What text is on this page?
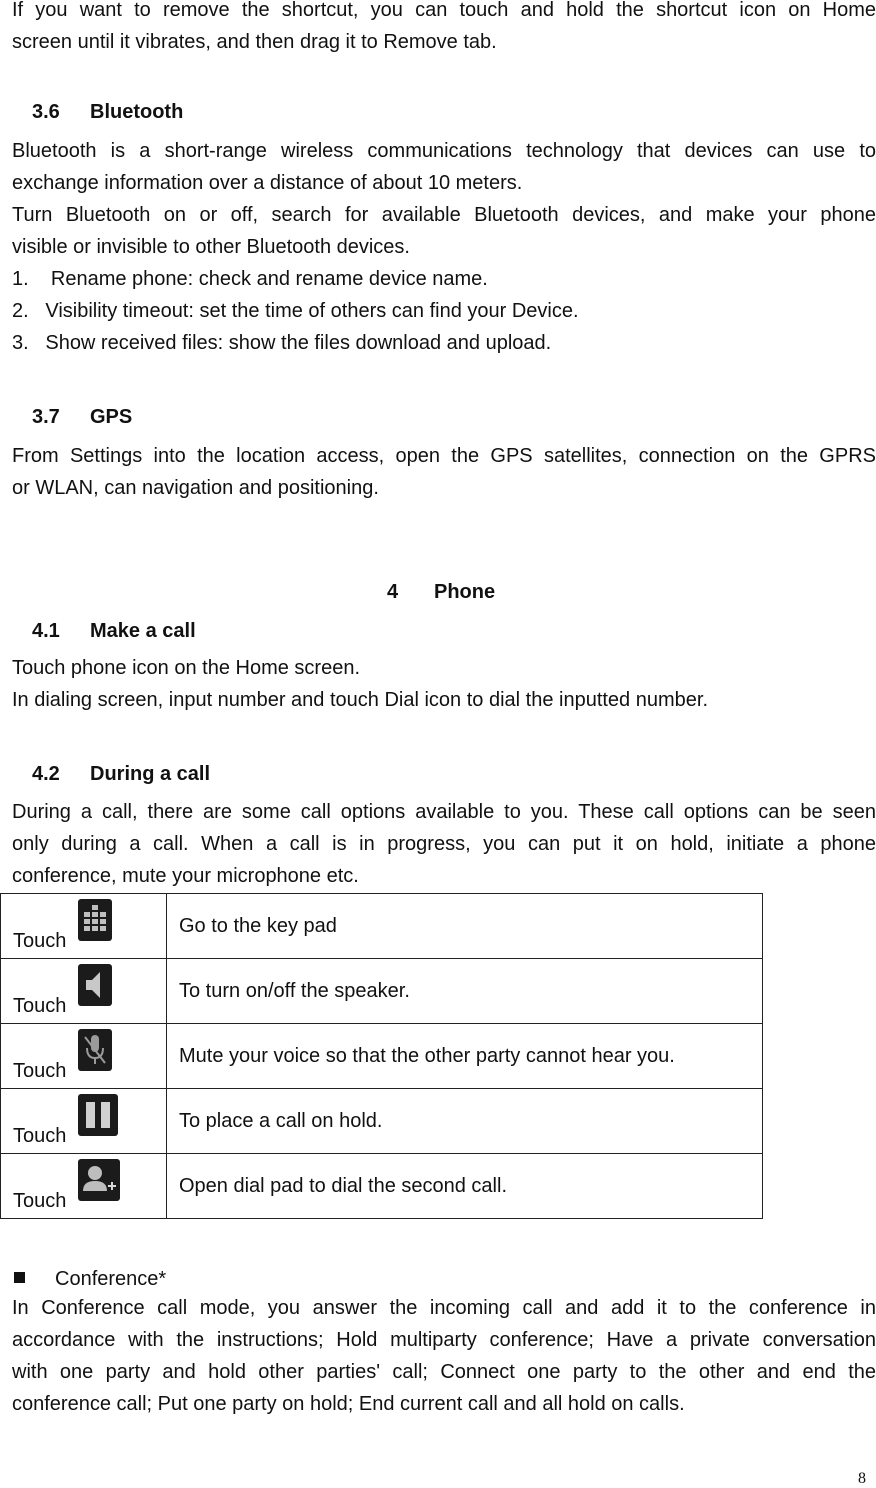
If you want to remove the shortcut, you can touch and hold the shortcut icon on Home
screen until it vibrates, and then drag it to Remove tab.

3.6 Bluetooth

Bluetooth is a short-range wireless communications technology that devices can use to
exchange information over a distance of about 10 meters.
Turn Bluetooth on or off, search for available Bluetooth devices, and make your phone
visible or invisible to other Bluetooth devices.
1.    Rename phone: check and rename device name.
2.   Visibility timeout: set the time of others can find your Device.
3.   Show received files: show the files download and upload.

3.7 GPS

From Settings into the location access, open the GPS satellites, connection on the GPRS
or WLAN, can navigation and positioning.

4 Phone
4.1 Make a call

Touch phone icon on the Home screen.
In dialing screen, input number and touch Dial icon to dial the inputted number.

4.2 During a call

During a call, there are some call options available to you. These call options can be seen
only during a call. When a call is in progress, you can put it on hold, initiate a phone
conference, mute your microphone etc.

Touch	Go to the key pad

Touch	To turn on/off the speaker.

Touch	Mute your voice so that the other party cannot hear you.

Touch	To place a call on hold.

Touch	Open dial pad to dial the second call.
Conference*

In Conference call mode, you answer the incoming call and add it to the conference in
accordance with the instructions; Hold multiparty conference; Have a private conversation
with one party and hold other parties' call; Connect one party to the other and end the
conference call; Put one party on hold; End current call and all hold on calls.

8
